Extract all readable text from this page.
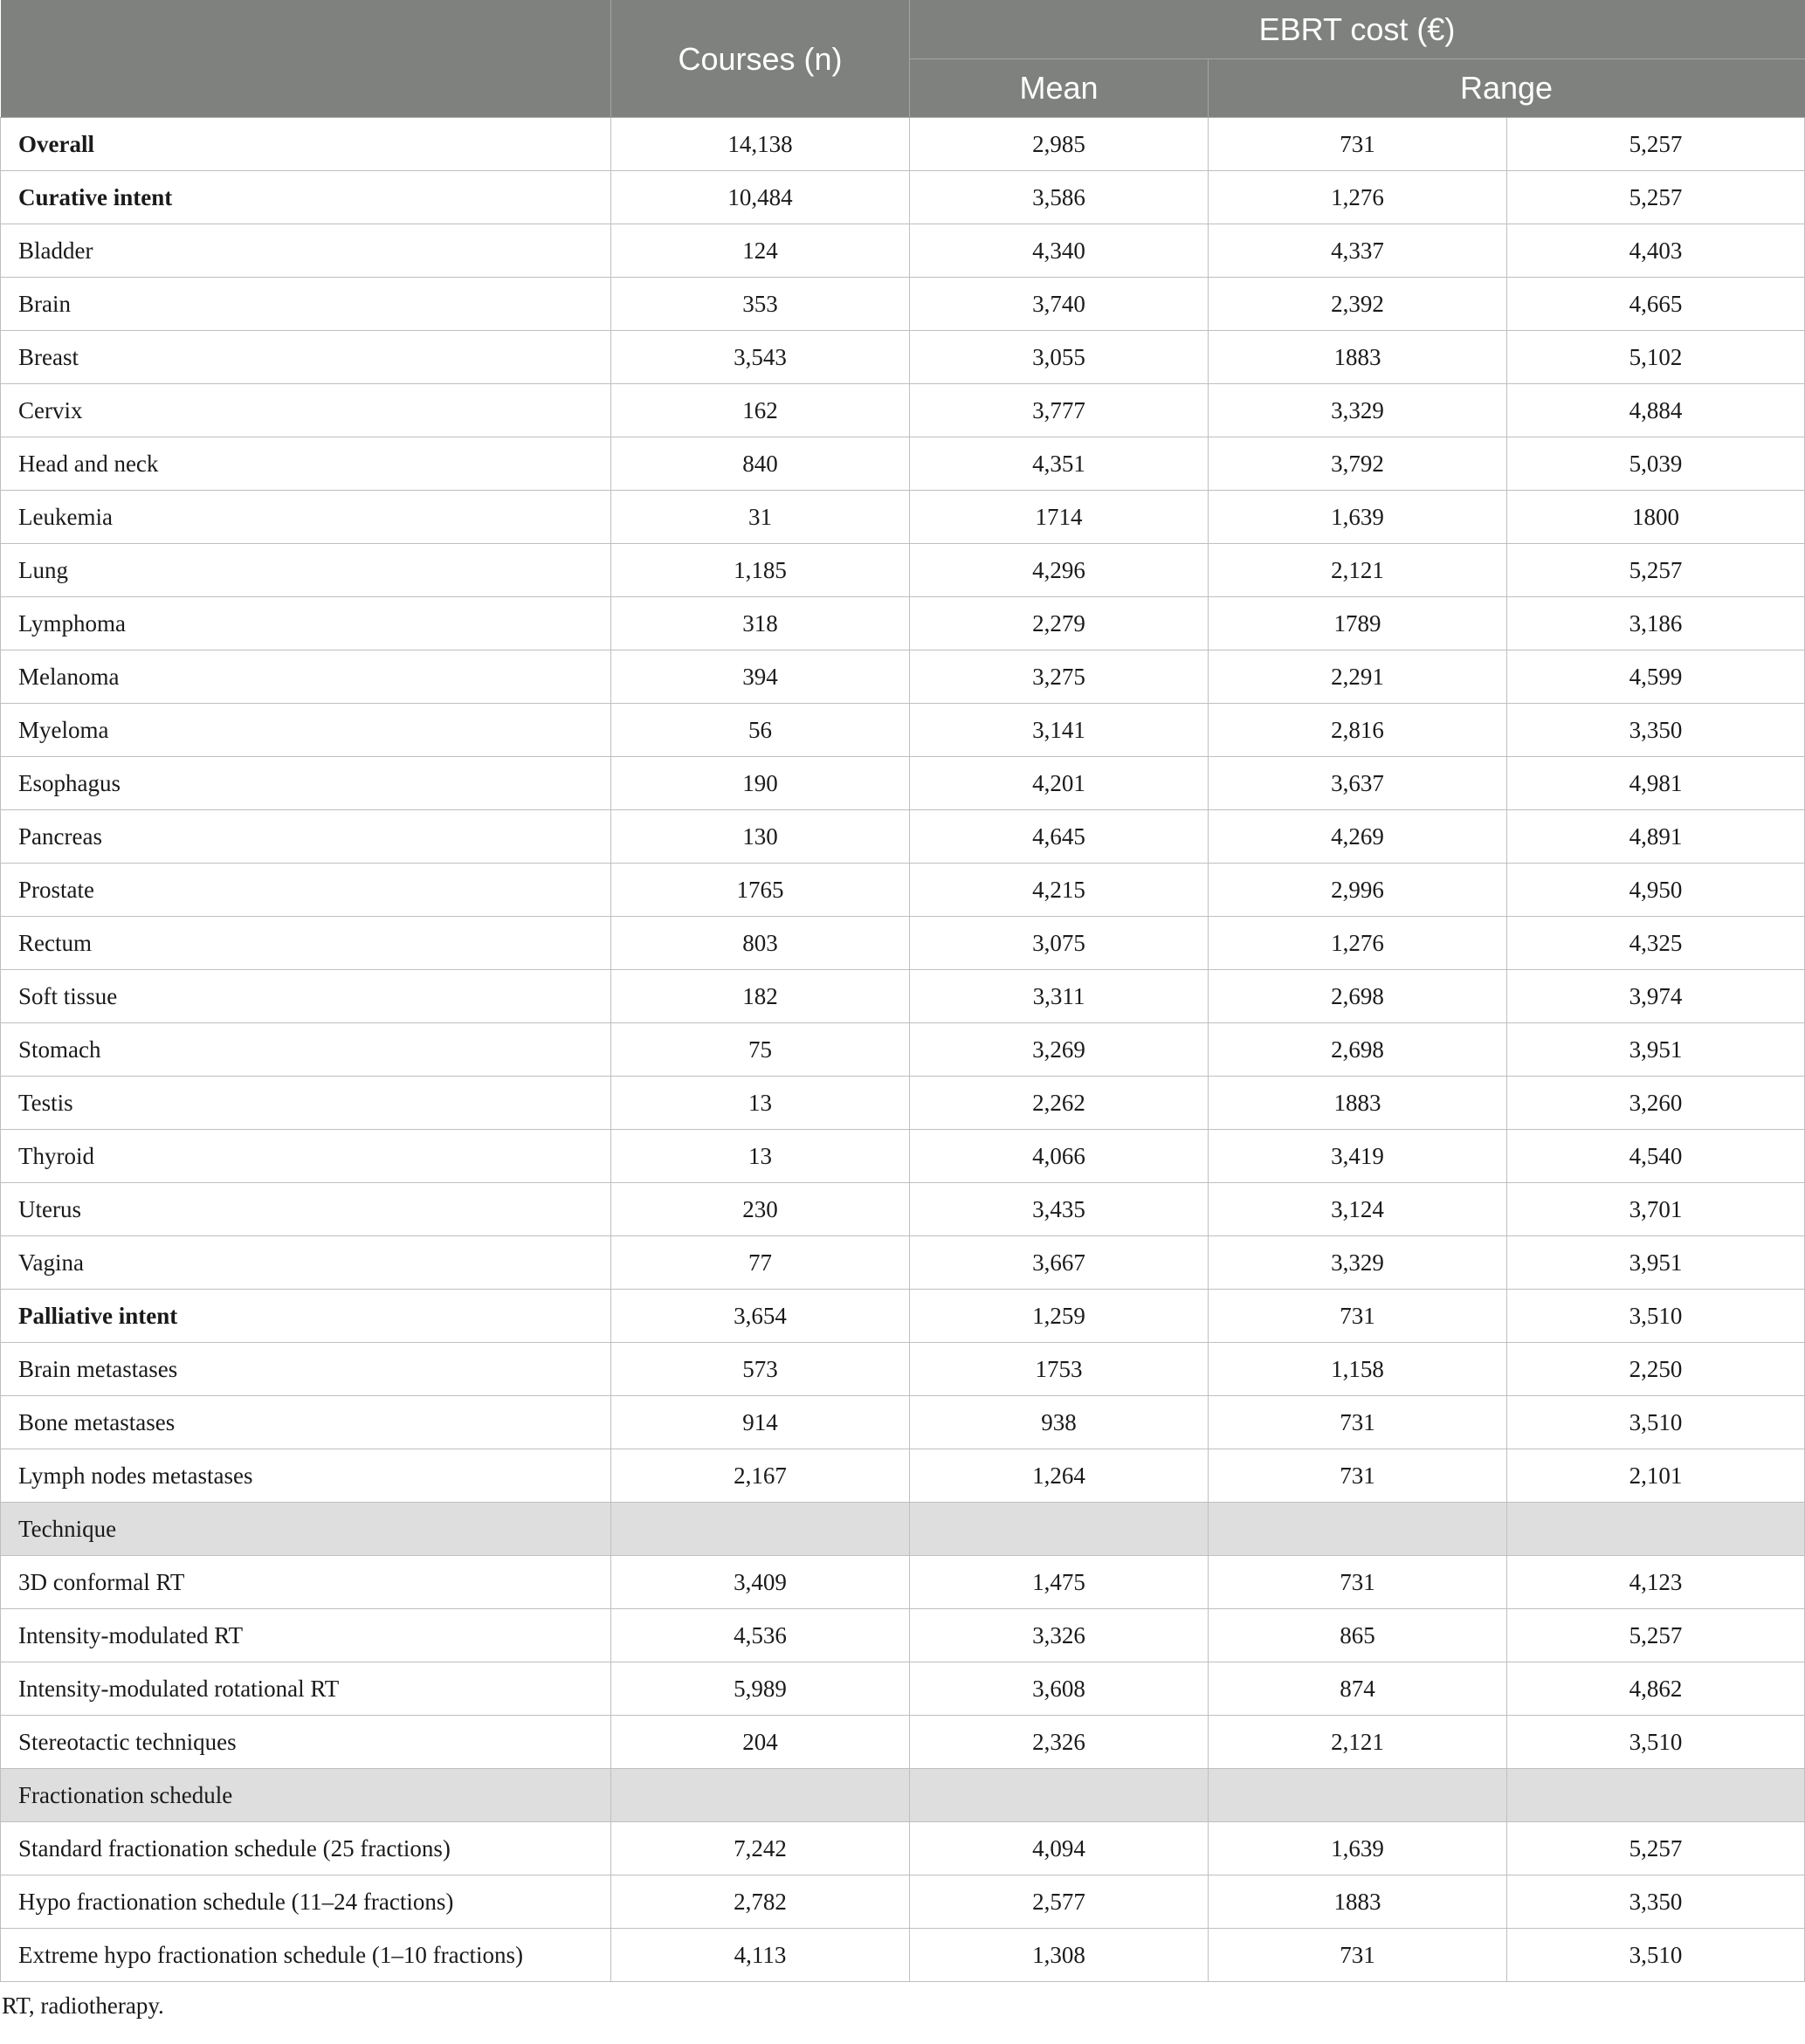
	Courses (n)	EBRT cost (€)		
		Mean	Range	
Overall	14,138	2,985	731	5,257
Curative intent	10,484	3,586	1,276	5,257
Bladder	124	4,340	4,337	4,403
Brain	353	3,740	2,392	4,665
Breast	3,543	3,055	1883	5,102
Cervix	162	3,777	3,329	4,884
Head and neck	840	4,351	3,792	5,039
Leukemia	31	1714	1,639	1800
Lung	1,185	4,296	2,121	5,257
Lymphoma	318	2,279	1789	3,186
Melanoma	394	3,275	2,291	4,599
Myeloma	56	3,141	2,816	3,350
Esophagus	190	4,201	3,637	4,981
Pancreas	130	4,645	4,269	4,891
Prostate	1765	4,215	2,996	4,950
Rectum	803	3,075	1,276	4,325
Soft tissue	182	3,311	2,698	3,974
Stomach	75	3,269	2,698	3,951
Testis	13	2,262	1883	3,260
Thyroid	13	4,066	3,419	4,540
Uterus	230	3,435	3,124	3,701
Vagina	77	3,667	3,329	3,951
Palliative intent	3,654	1,259	731	3,510
Brain metastases	573	1753	1,158	2,250
Bone metastases	914	938	731	3,510
Lymph nodes metastases	2,167	1,264	731	2,101
Technique				
3D conformal RT	3,409	1,475	731	4,123
Intensity-modulated RT	4,536	3,326	865	5,257
Intensity-modulated rotational RT	5,989	3,608	874	4,862
Stereotactic techniques	204	2,326	2,121	3,510
Fractionation schedule				
Standard fractionation schedule (25 fractions)	7,242	4,094	1,639	5,257
Hypo fractionation schedule (11–24 fractions)	2,782	2,577	1883	3,350
Extreme hypo fractionation schedule (1–10 fractions)	4,113	1,308	731	3,510
RT, radiotherapy.
